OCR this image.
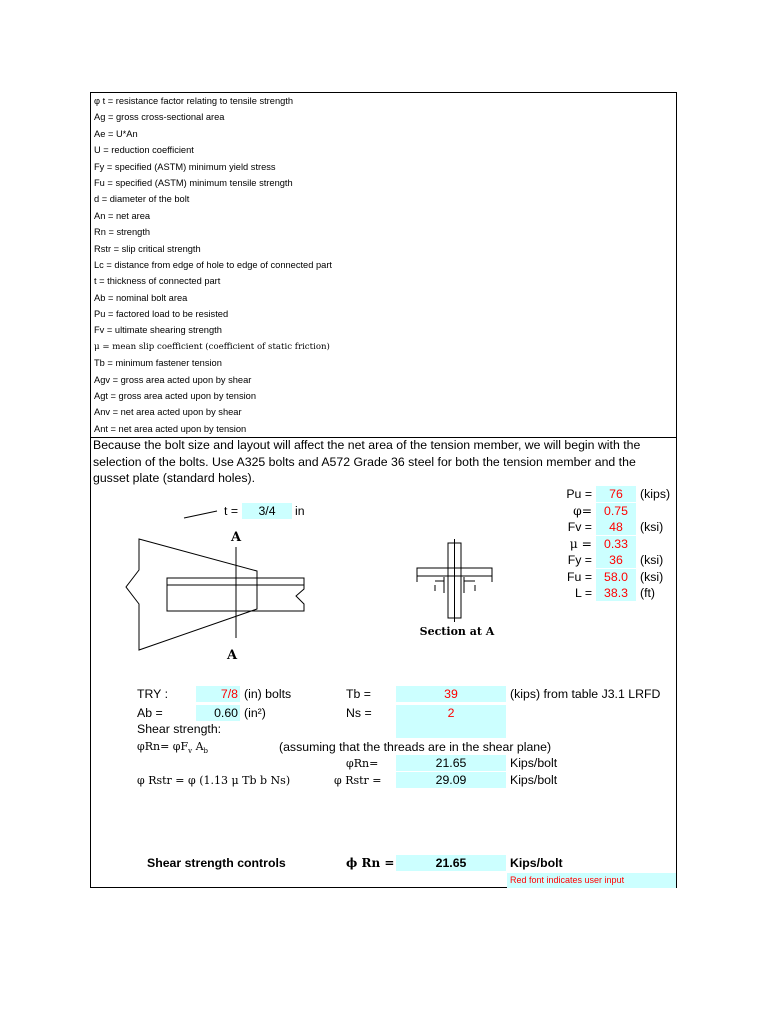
φ t = resistance factor relating to tensile strength
Ag = gross cross-sectional area
Ae = U*An
U = reduction coefficient
Fy = specified (ASTM) minimum yield stress
Fu = specified (ASTM) minimum tensile strength
d = diameter of the bolt
An = net area
Rn = strength
Rstr = slip critical strength
Lc = distance from edge of hole to edge of connected part
t = thickness of connected part
Ab = nominal bolt area
Pu = factored load to be resisted
Fv = ultimate shearing strength
μ = mean slip coefficient (coefficient of static friction)
Tb = minimum fastener tension
Agv = gross area acted upon by shear
Agt = gross area acted upon by tension
Anv = net area acted upon by shear
Ant = net area acted upon by tension
Because the bolt size and layout will affect the net area of the tension member, we will begin with the selection of the bolts. Use A325 bolts and A572 Grade 36 steel for both the tension member and the gusset plate (standard holes).
t =	3/4	in
Pu =	76	(kips)
φ= 0.75
Fv =	48	(ksi)
μ = 0.33
Fy =	36	(ksi)
Fu = 58.0 (ksi)
L = 38.3 (ft)
A
A
Section at A
TRY :	7/8 (in) bolts	Tb =	39	(kips) from table J3.1 LRFD
Ab =	0.60 (in²)	Ns =	2
Shear strength:
$\varphi Rn= \varphi F_v$ $A_b$	(assuming that the threads are in the shear plane)
φRn=	21.65	Kips/bolt
φ Rstr = φ (1.13 μ Tb b Ns)	φ Rstr =	29.09	Kips/bolt
Shear strength controls	ϕ Rn =	21.65	Kips/bolt
Red font indicates user input
